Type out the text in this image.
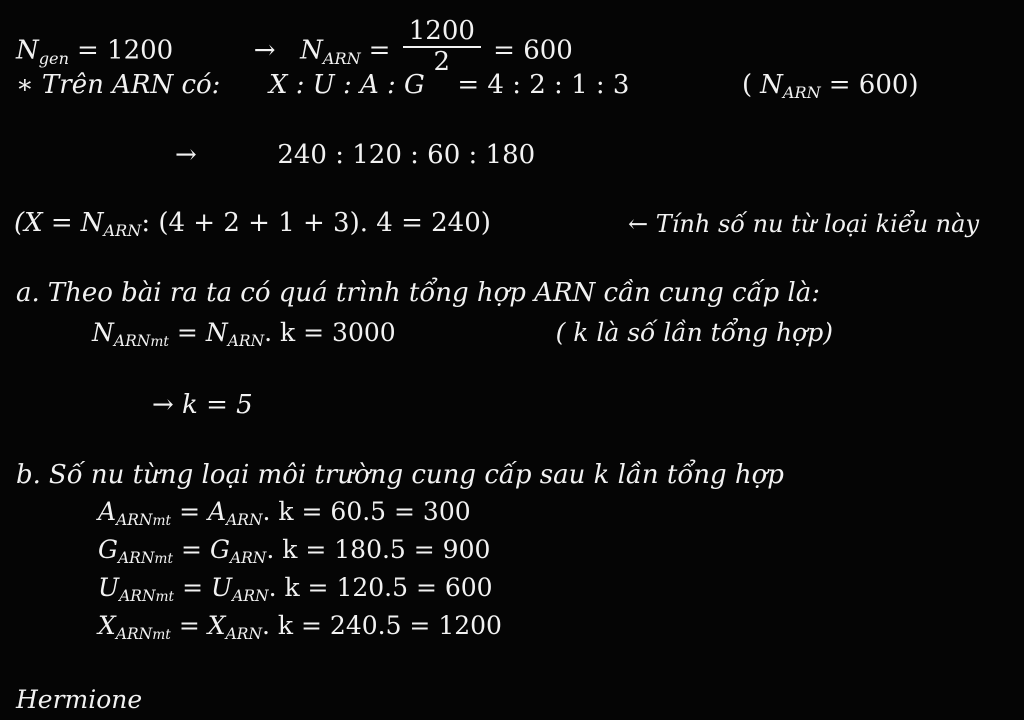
$N_{gen} = 1200$	→ $N_{ARN} = \frac{1200}{2} = 600$
∗ Trên ARN có: X : U : A : G = 4 : 2 : 1 : 3	( $N_{ARN} = 600$)
→	240 : 120 : 60 : 180
($X = N_{ARN}$: (4 + 2 + 1 + 3). 4 = 240)	← Tính số nu từ loại kiểu này
a. Theo bài ra ta có quá trình tổng hợp ARN cần cung cấp là:
$N_{ARN}mt = N_{ARN}$. k = 3000	( k là số lần tổng hợp)
→ k = 5
b. Số nu từng loại môi trường cung cấp sau k lần tổng hợp
$A_{ARN}mt = A_{ARN}$. k = 60.5 = 300
$G_{ARN}mt = G_{ARN}$. k = 180.5 = 900
$U_{ARN}mt = U_{ARN}$. k = 120.5 = 600
$X_{ARN}mt = X_{ARN}$. k = 240.5 = 1200
Hermione
